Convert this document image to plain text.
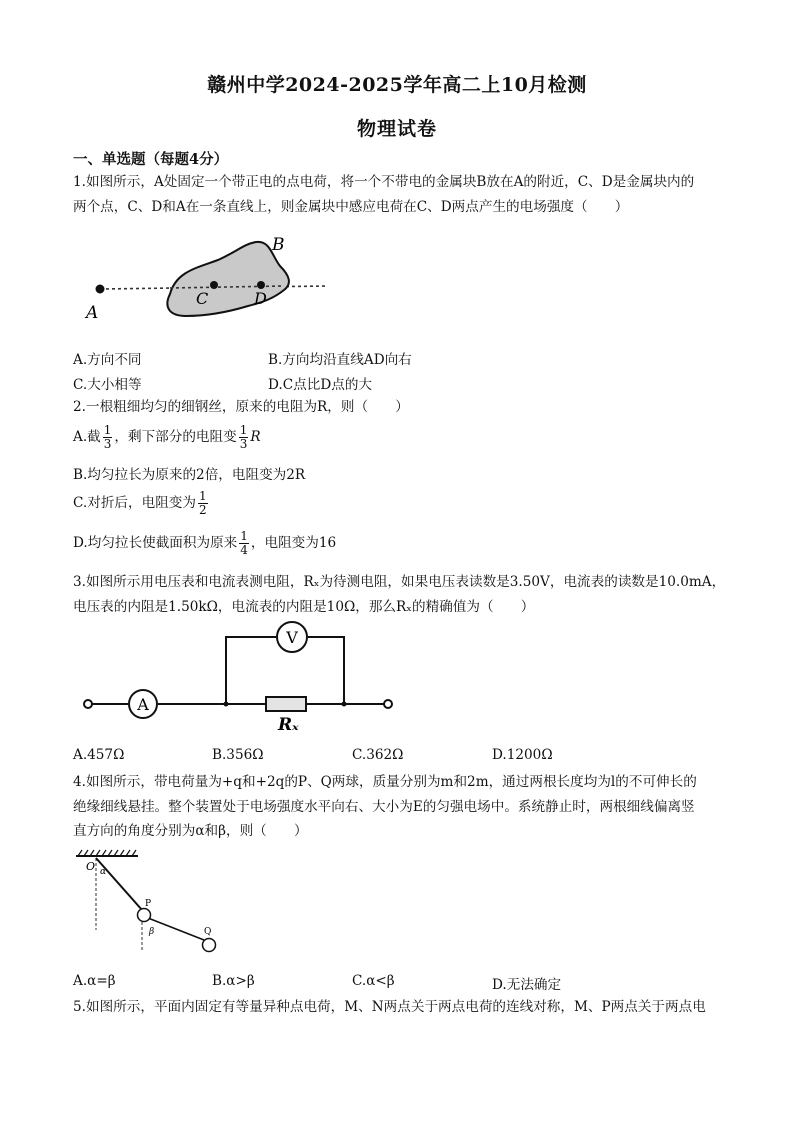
赣州中学2024-2025学年高二上10月检测
物理试卷
一、单选题（每题4分）
1.如图所示，A处固定一个带正电的点电荷，将一个不带电的金属块B放在A的附近，C、D是金属块内的
两个点，C、D和A在一条直线上，则金属块中感应电荷在C、D两点产生的电场强度（　　）
A
B
C	D
A.方向不同	B.方向均沿直线AD向右
C.大小相等	D.C点比D点的大
2.一根粗细均匀的细钢丝，原来的电阻为R，则（　　）
A.截 $\frac{1}{3}$ ，剩下部分的电阻变 $\frac{1}{3}$ R
B.均匀拉长为原来的2倍，电阻变为2R
C.对折后，电阻变为 $\frac{1}{2}$
D.均匀拉长使截面积为原来 $\frac{1}{4}$ ，电阻变为16
3.如图所示用电压表和电流表测电阻，Rₓ为待测电阻，如果电压表读数是3.50V，电流表的读数是10.0mA，
电压表的内阻是1.50kΩ，电流表的内阻是10Ω，那么Rₓ的精确值为（　　）
A
V
Rₓ
A.457Ω	B.356Ω	C.362Ω	D.1200Ω
4.如图所示，带电荷量为+q和+2q的P、Q两球，质量分别为m和2m，通过两根长度均为l的不可伸长的
绝缘细线悬挂。整个装置处于电场强度水平向右、大小为E的匀强电场中。系统静止时，两根细线偏离竖
直方向的角度分别为α和β，则（　　）
O α
P
β	Q
A.α=β	B.α>β	C.α<β	D.无法确定
5.如图所示，平面内固定有等量异种点电荷，M、N两点关于两点电荷的连线对称，M、P两点关于两点电
